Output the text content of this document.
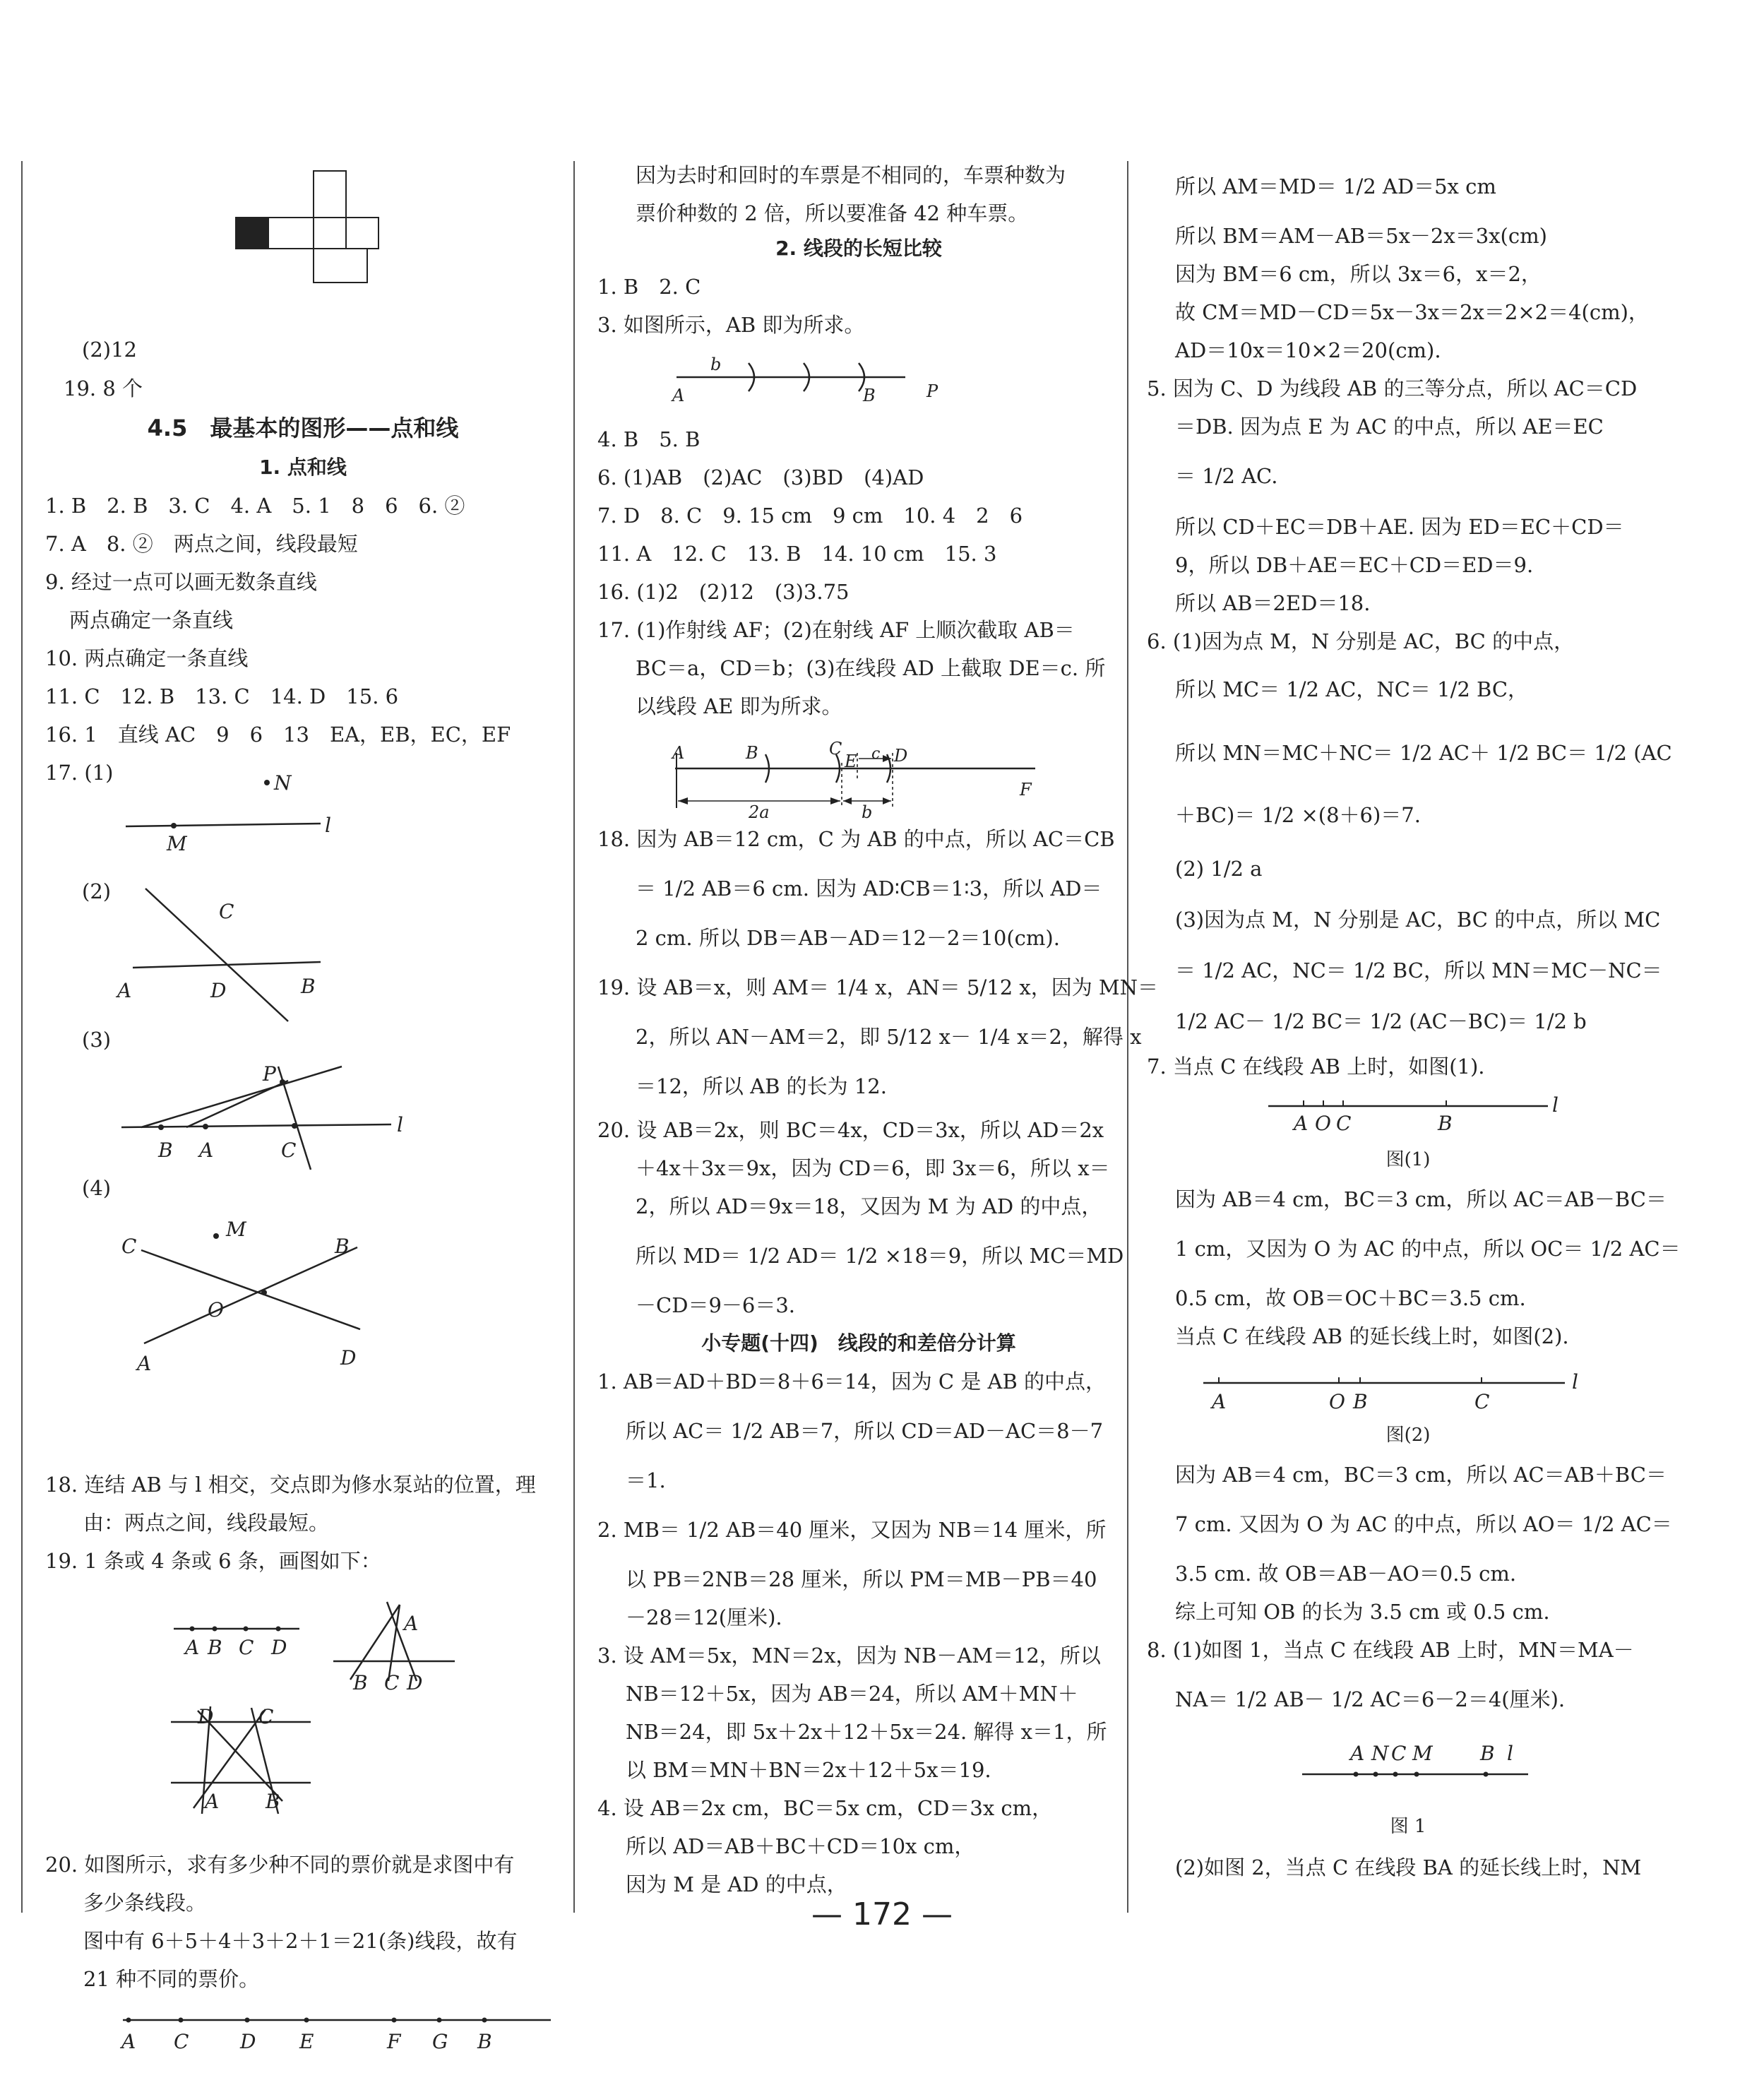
(2)12
19. 8 个
4.5　最基本的图形——点和线
1. 点和线
1. B　2. B　3. C　4. A　5. 1　8　6　6. ②
7. A　8. ②　两点之间，线段最短
9. 经过一点可以画无数条直线
两点确定一条直线
10. 两点确定一条直线
11. C　12. B　13. C　14. D　15. 6
16. 1　直线 AC　9　6　13　EA，EB，EC，EF
17. (1)	N
M
l
(2)
C
A	D	B
(3)
P
B A	C
l
(4)
C
M
B
O
A	D
18. 连结 AB 与 l 相交，交点即为修水泵站的位置，理
由：两点之间，线段最短。
19. 1 条或 4 条或 6 条，画图如下：
A B C D
A
B C D
D C
A B
20. 如图所示，求有多少种不同的票价就是求图中有
多少条线段。
图中有 6＋5＋4＋3＋2＋1＝21(条)线段，故有
21 种不同的票价。
A C	D E	F G B
因为去时和回时的车票是不相同的，车票种数为
票价种数的 2 倍，所以要准备 42 种车票。
2. 线段的长短比较
1. B　2. C
3. 如图所示，AB 即为所求。
b
A	B	P
4. B　5. B
6. (1)AB　(2)AC　(3)BD　(4)AD
7. D　8. C　9. 15 cm　9 cm　10. 4　2　6
11. A　12. C　13. B　14. 10 cm　15. 3
16. (1)2　(2)12　(3)3.75
17. (1)作射线 AF；(2)在射线 AF 上顺次截取 AB＝
BC＝a，CD＝b；(3)在线段 AD 上截取 DE＝c. 所
以线段 AE 即为所求。
A	B	C
E c D
F
2a	b
18. 因为 AB＝12 cm，C 为 AB 的中点，所以 AC＝CB
＝ 1/2 AB＝6 cm. 因为 AD∶CB＝1∶3，所以 AD＝
2 cm. 所以 DB＝AB－AD＝12－2＝10(cm).
19. 设 AB＝x，则 AM＝ 1/4 x，AN＝ 5/12 x，因为 MN＝
2，所以 AN－AM＝2，即 5/12 x－ 1/4 x＝2，解得 x
＝12，所以 AB 的长为 12.
20. 设 AB＝2x，则 BC＝4x，CD＝3x，所以 AD＝2x
＋4x＋3x＝9x，因为 CD＝6，即 3x＝6，所以 x＝
2，所以 AD＝9x＝18，又因为 M 为 AD 的中点，
所以 MD＝ 1/2 AD＝ 1/2 ×18＝9，所以 MC＝MD
－CD＝9－6＝3.
小专题(十四)　线段的和差倍分计算
1. AB＝AD＋BD＝8＋6＝14，因为 C 是 AB 的中点，
所以 AC＝ 1/2 AB＝7，所以 CD＝AD－AC＝8－7
＝1.
2. MB＝ 1/2 AB＝40 厘米，又因为 NB＝14 厘米，所
以 PB＝2NB＝28 厘米，所以 PM＝MB－PB＝40
－28＝12(厘米).
3. 设 AM＝5x，MN＝2x，因为 NB－AM＝12，所以
NB＝12＋5x，因为 AB＝24，所以 AM＋MN＋
NB＝24，即 5x＋2x＋12＋5x＝24. 解得 x＝1，所
以 BM＝MN＋BN＝2x＋12＋5x＝19.
4. 设 AB＝2x cm，BC＝5x cm，CD＝3x cm，
所以 AD＝AB＋BC＋CD＝10x cm，
因为 M 是 AD 的中点，
所以 AM＝MD＝ 1/2 AD＝5x cm
所以 BM＝AM－AB＝5x－2x＝3x(cm)
因为 BM＝6 cm，所以 3x＝6，x＝2，
故 CM＝MD－CD＝5x－3x＝2x＝2×2＝4(cm)，
AD＝10x＝10×2＝20(cm).
5. 因为 C、D 为线段 AB 的三等分点，所以 AC＝CD
＝DB. 因为点 E 为 AC 的中点，所以 AE＝EC
＝ 1/2 AC.
所以 CD＋EC＝DB＋AE. 因为 ED＝EC＋CD＝
9，所以 DB＋AE＝EC＋CD＝ED＝9.
所以 AB＝2ED＝18.
6. (1)因为点 M，N 分别是 AC，BC 的中点，
所以 MC＝ 1/2 AC，NC＝ 1/2 BC，
所以 MN＝MC＋NC＝ 1/2 AC＋ 1/2 BC＝ 1/2 (AC
＋BC)＝ 1/2 ×(8＋6)＝7.
(2) 1/2 a
(3)因为点 M，N 分别是 AC，BC 的中点，所以 MC
＝ 1/2 AC，NC＝ 1/2 BC，所以 MN＝MC－NC＝
1/2 AC－ 1/2 BC＝ 1/2 (AC－BC)＝ 1/2 b
7. 当点 C 在线段 AB 上时，如图(1).
A O C	B
l
图(1)
因为 AB＝4 cm，BC＝3 cm，所以 AC＝AB－BC＝
1 cm，又因为 O 为 AC 的中点，所以 OC＝ 1/2 AC＝
0.5 cm，故 OB＝OC＋BC＝3.5 cm.
当点 C 在线段 AB 的延长线上时，如图(2).
A	O B	C
l
图(2)
因为 AB＝4 cm，BC＝3 cm，所以 AC＝AB＋BC＝
7 cm. 又因为 O 为 AC 的中点，所以 AO＝ 1/2 AC＝
3.5 cm. 故 OB＝AB－AO＝0.5 cm.
综上可知 OB 的长为 3.5 cm 或 0.5 cm.
8. (1)如图 1，当点 C 在线段 AB 上时，MN＝MA－
NA＝ 1/2 AB－ 1/2 AC＝6－2＝4(厘米).
A N C M B l
图 1
(2)如图 2，当点 C 在线段 BA 的延长线上时，NM
— 172 —
